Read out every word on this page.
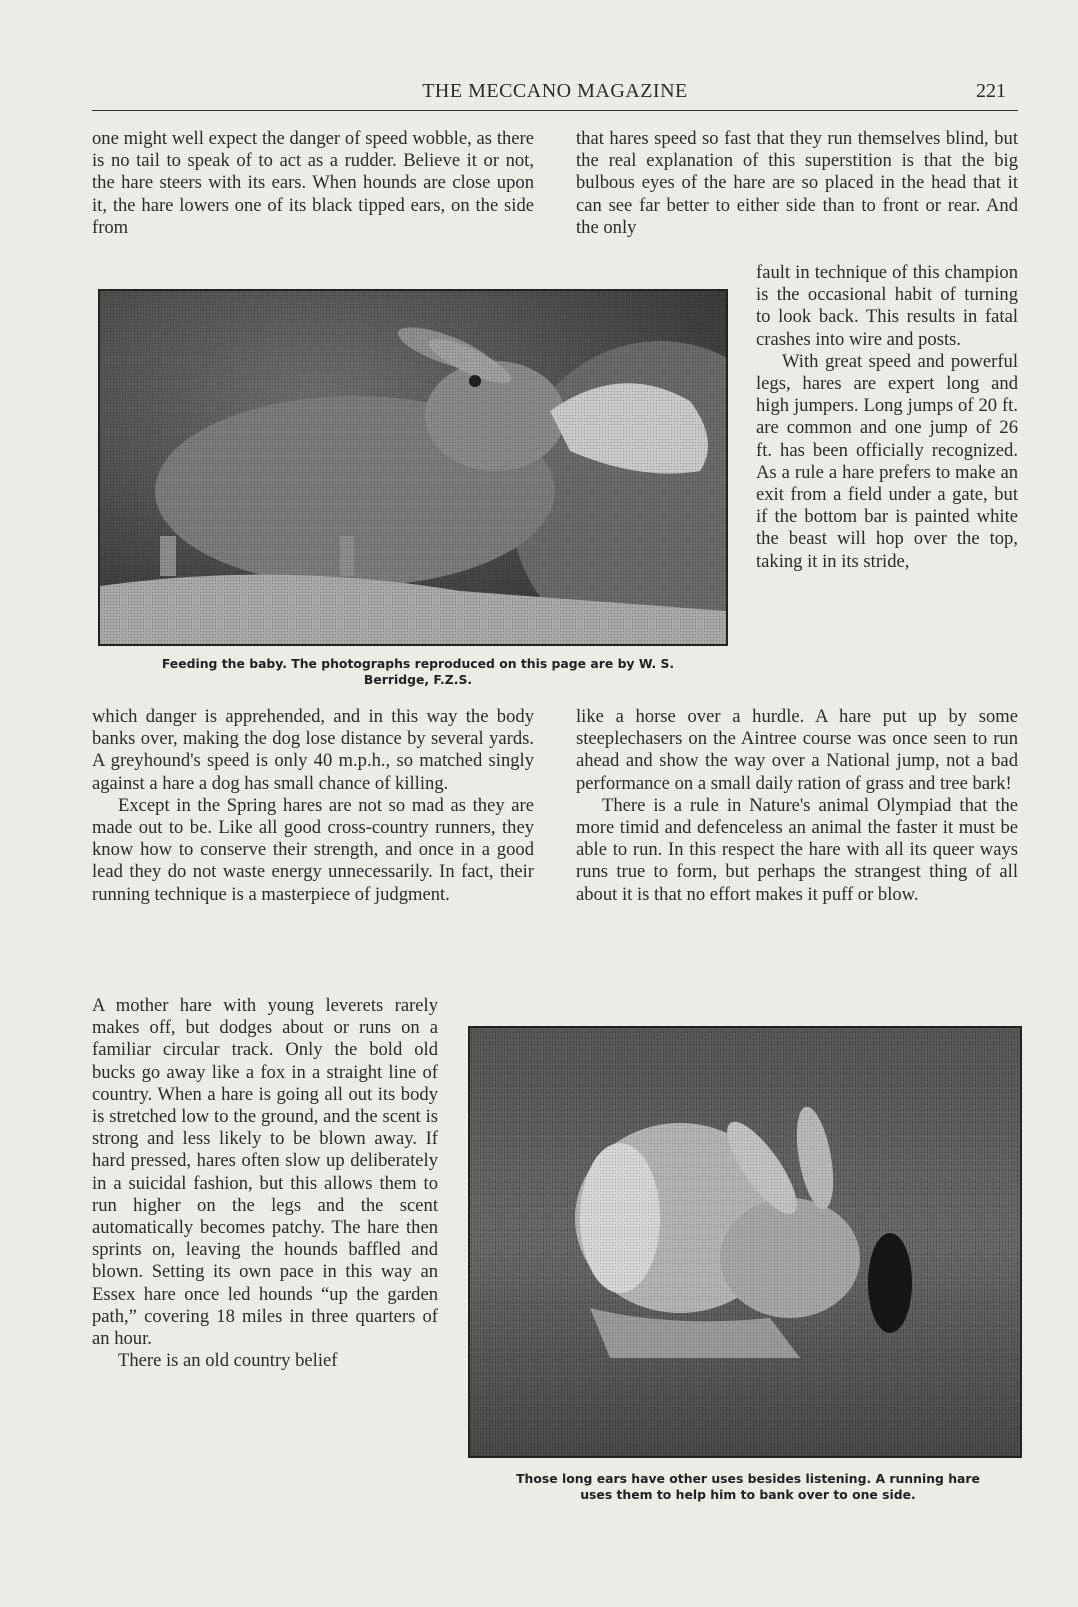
THE MECCANO MAGAZINE	221

one might well expect the danger of speed wobble, as there is no tail to speak of to act as a rudder. Believe it or not, the hare steers with its ears. When hounds are close upon it, the hare lowers one of its black tipped ears, on the side from

that hares speed so fast that they run themselves blind, but the real explanation of this superstition is that the big bulbous eyes of the hare are so placed in the head that it can see far better to either side than to front or rear. And the only

Feeding the baby. The photographs reproduced on this page are by W. S.
Berridge, F.Z.S.

fault in technique of this champion is the occasional habit of turning to look back. This results in fatal crashes into wire and posts.

With great speed and powerful legs, hares are expert long and high jumpers. Long jumps of 20 ft. are common and one jump of 26 ft. has been officially recognized. As a rule a hare prefers to make an exit from a field under a gate, but if the bottom bar is painted white the beast will hop over the top, taking it in its stride,

which danger is apprehended, and in this way the body banks over, making the dog lose distance by several yards. A greyhound's speed is only 40 m.p.h., so matched singly against a hare a dog has small chance of killing.

Except in the Spring hares are not so mad as they are made out to be. Like all good cross-country runners, they know how to conserve their strength, and once in a good lead they do not waste energy unnecessarily. In fact, their running technique is a masterpiece of judgment.

like a horse over a hurdle. A hare put up by some steeplechasers on the Aintree course was once seen to run ahead and show the way over a National jump, not a bad performance on a small daily ration of grass and tree bark!

There is a rule in Nature's animal Olympiad that the more timid and defenceless an animal the faster it must be able to run. In this respect the hare with all its queer ways runs true to form, but perhaps the strangest thing of all about it is that no effort makes it puff or blow.

A mother hare with young leverets rarely makes off, but dodges about or runs on a familiar circular track. Only the bold old bucks go away like a fox in a straight line of country. When a hare is going all out its body is stretched low to the ground, and the scent is strong and less likely to be blown away. If hard pressed, hares often slow up deliberately in a suicidal fashion, but this allows them to run higher on the legs and the scent automatically becomes patchy. The hare then sprints on, leaving the hounds baffled and blown. Setting its own pace in this way an Essex hare once led hounds “up the garden path,” covering 18 miles in three quarters of an hour.

There is an old country belief

Those long ears have other uses besides listening. A running hare
uses them to help him to bank over to one side.
